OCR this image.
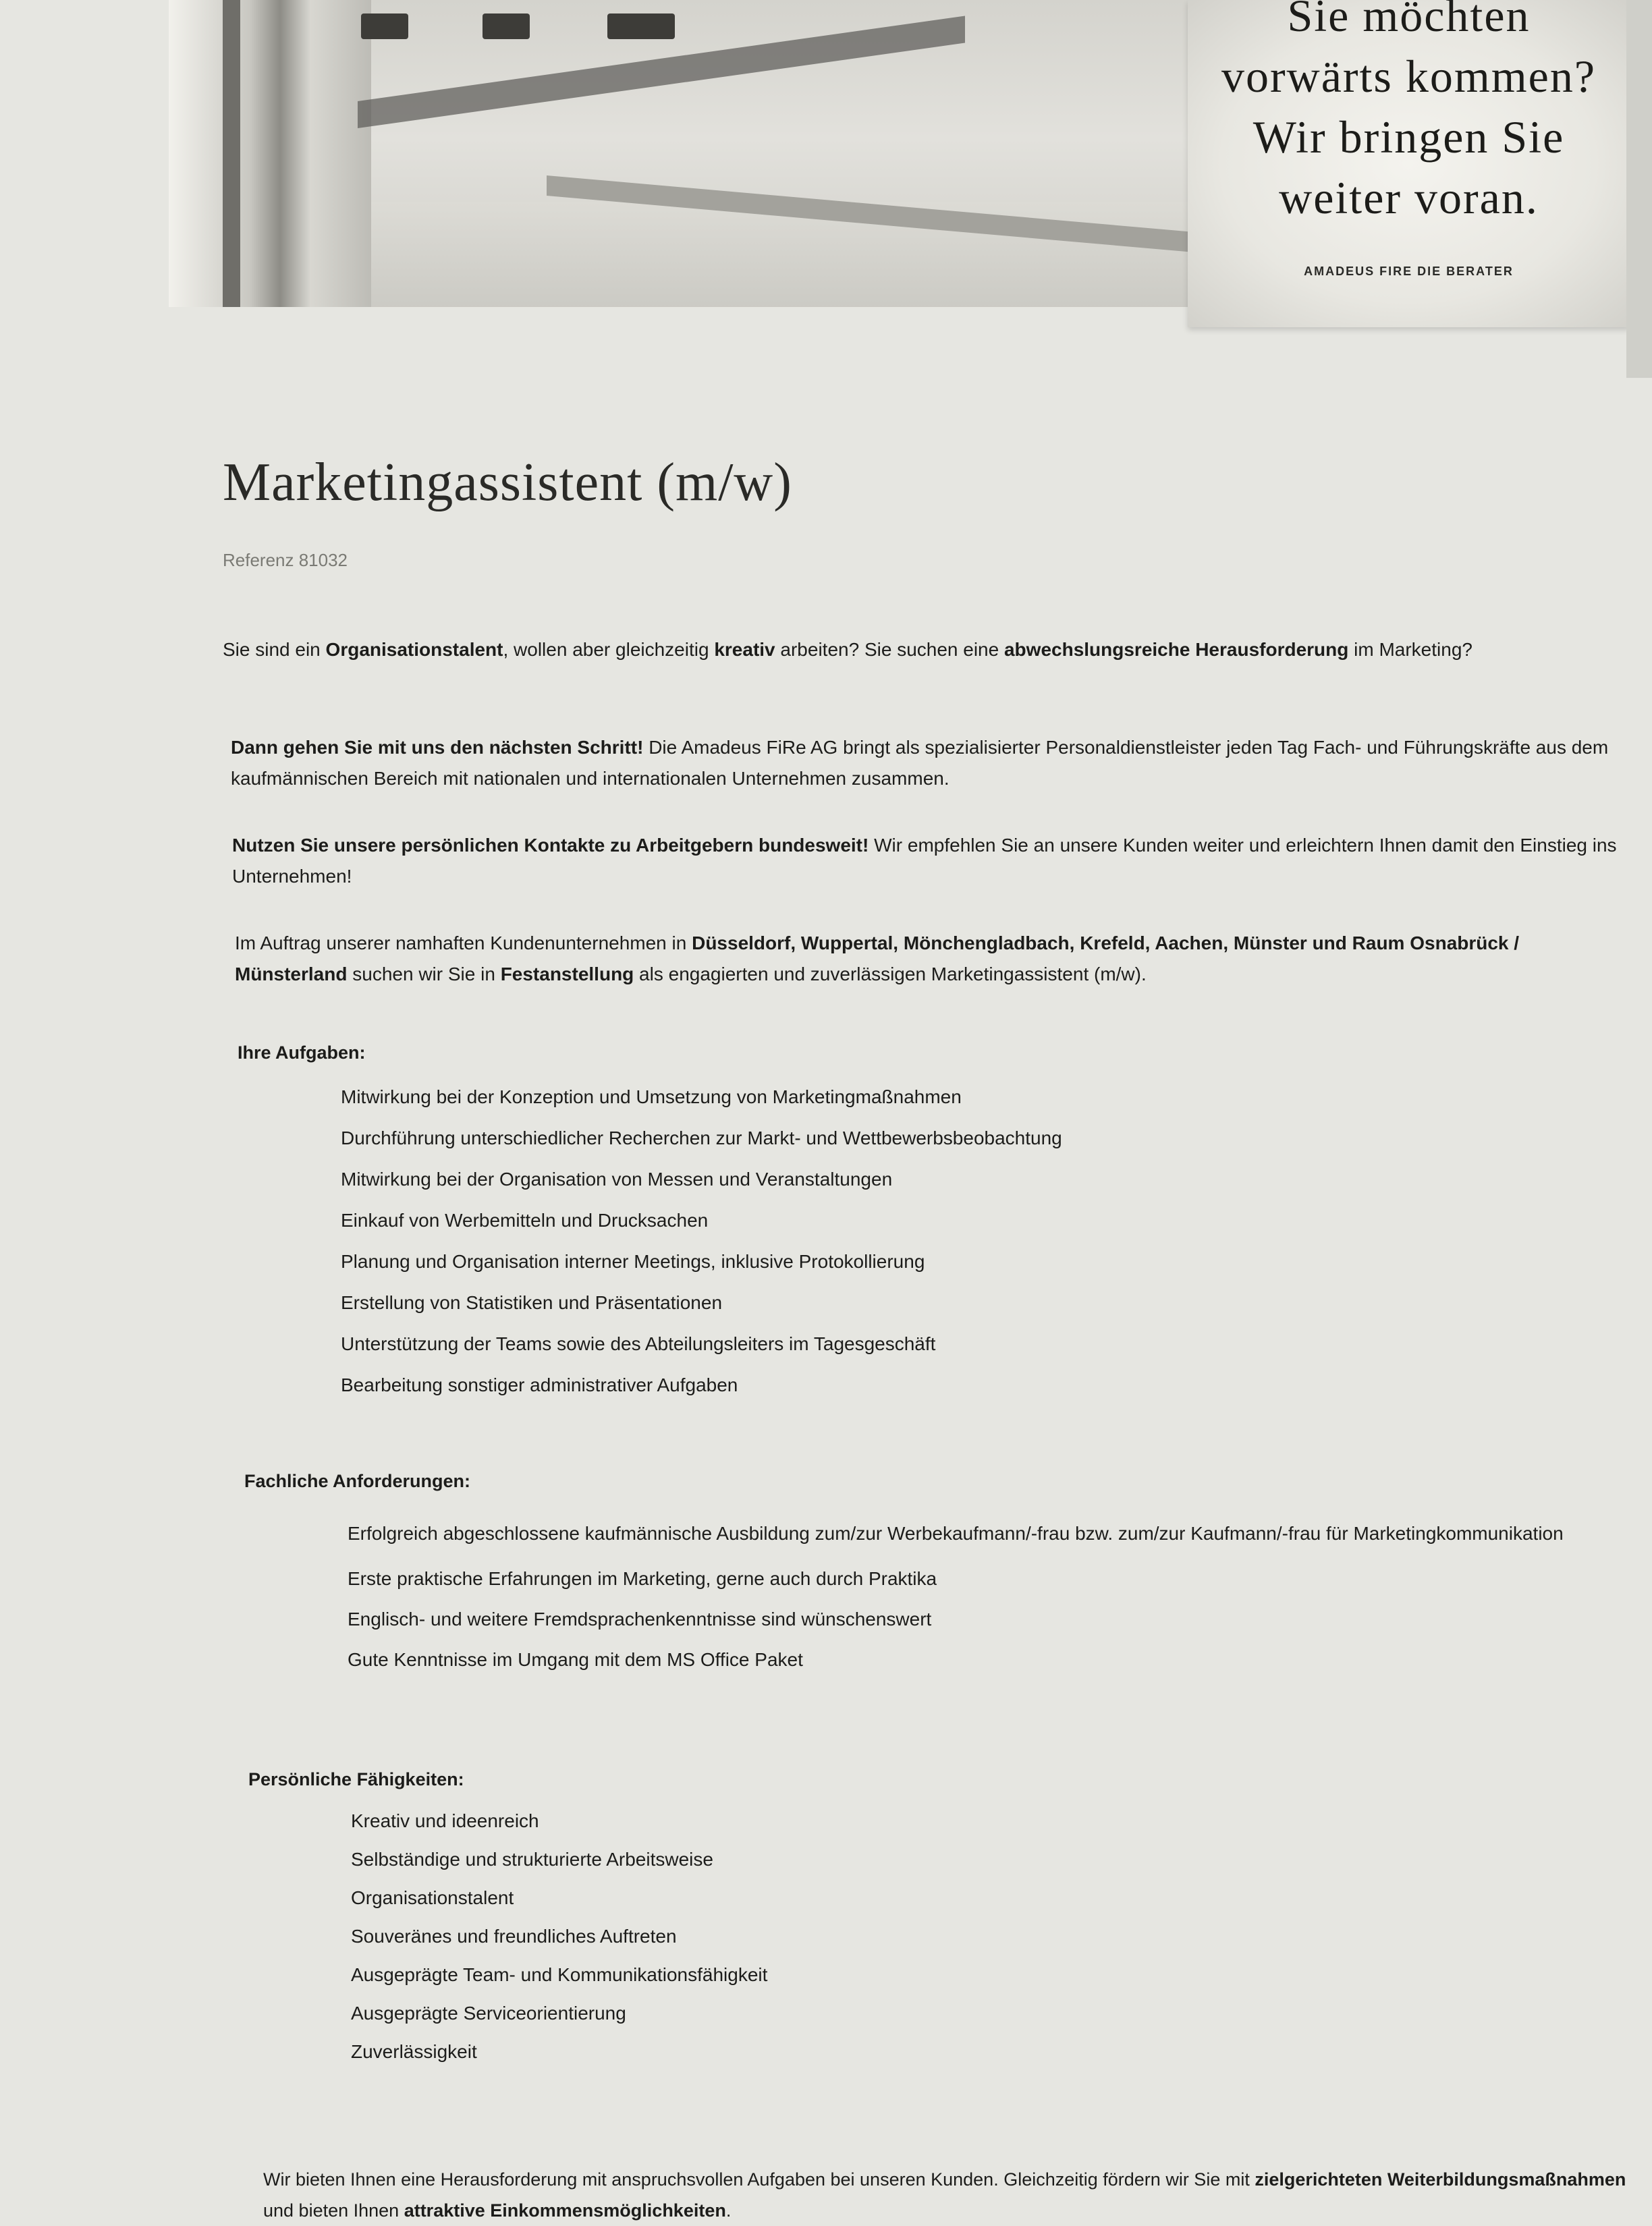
Sie möchten
vorwärts kommen?
Wir bringen Sie
weiter voran.
AMADEUS FIRE DIE BERATER
Marketingassistent (m/w)
Referenz 81032

Sie sind ein Organisationstalent, wollen aber gleichzeitig kreativ arbeiten? Sie suchen eine abwechslungsreiche Herausforderung im Marketing?

Dann gehen Sie mit uns den nächsten Schritt! Die Amadeus FiRe AG bringt als spezialisierter Personaldienstleister jeden Tag Fach- und Führungskräfte aus dem kaufmännischen Bereich mit nationalen und internationalen Unternehmen zusammen.

Nutzen Sie unsere persönlichen Kontakte zu Arbeitgebern bundesweit! Wir empfehlen Sie an unsere Kunden weiter und erleichtern Ihnen damit den Einstieg ins Unternehmen!

Im Auftrag unserer namhaften Kundenunternehmen in Düsseldorf, Wuppertal, Mönchengladbach, Krefeld, Aachen, Münster und Raum Osnabrück / Münsterland suchen wir Sie in Festanstellung als engagierten und zuverlässigen Marketingassistent (m/w).

Ihre Aufgaben:
Mitwirkung bei der Konzeption und Umsetzung von Marketingmaßnahmen
Durchführung unterschiedlicher Recherchen zur Markt- und Wettbewerbsbeobachtung
Mitwirkung bei der Organisation von Messen und Veranstaltungen
Einkauf von Werbemitteln und Drucksachen
Planung und Organisation interner Meetings, inklusive Protokollierung
Erstellung von Statistiken und Präsentationen
Unterstützung der Teams sowie des Abteilungsleiters im Tagesgeschäft
Bearbeitung sonstiger administrativer Aufgaben
Fachliche Anforderungen:
Erfolgreich abgeschlossene kaufmännische Ausbildung zum/zur Werbekaufmann/-frau bzw. zum/zur Kaufmann/-frau für Marketingkommunikation
Erste praktische Erfahrungen im Marketing, gerne auch durch Praktika
Englisch- und weitere Fremdsprachenkenntnisse sind wünschenswert
Gute Kenntnisse im Umgang mit dem MS Office Paket
Persönliche Fähigkeiten:
Kreativ und ideenreich
Selbständige und strukturierte Arbeitsweise
Organisationstalent
Souveränes und freundliches Auftreten
Ausgeprägte Team- und Kommunikationsfähigkeit
Ausgeprägte Serviceorientierung
Zuverlässigkeit

Wir bieten Ihnen eine Herausforderung mit anspruchsvollen Aufgaben bei unseren Kunden. Gleichzeitig fördern wir Sie mit zielgerichteten Weiterbildungsmaßnahmen und bieten Ihnen attraktive Einkommensmöglichkeiten.
